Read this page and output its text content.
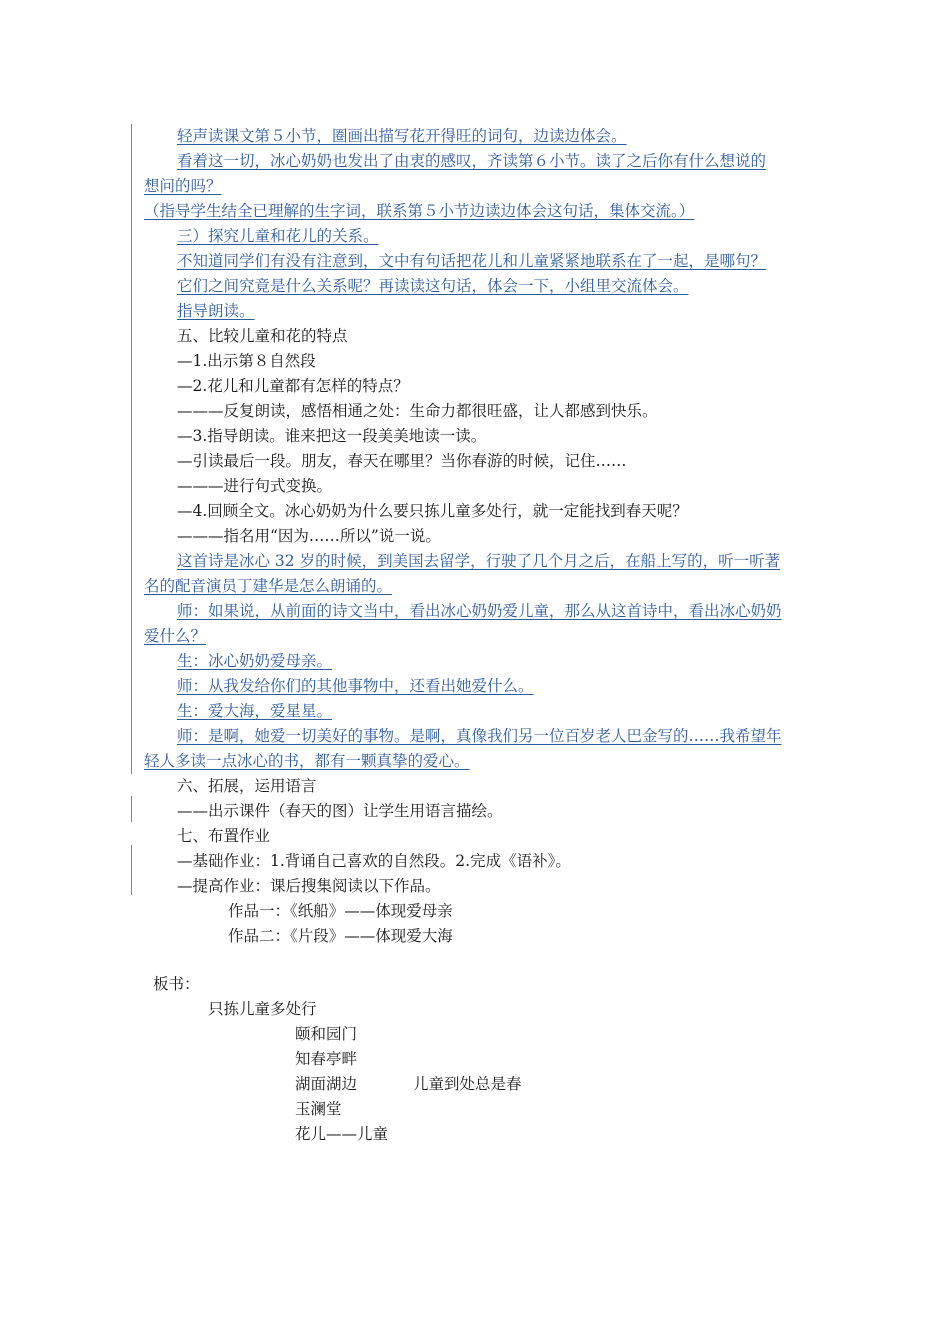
轻声读课文第５小节，圈画出描写花开得旺的词句，边读边体会。
看着这一切，冰心奶奶也发出了由衷的感叹，齐读第６小节。读了之后你有什么想说的
想问的吗？
（指导学生结全已理解的生字词，联系第５小节边读边体会这句话，集体交流。）
三）探究儿童和花儿的关系。
不知道同学们有没有注意到，文中有句话把花儿和儿童紧紧地联系在了一起，是哪句？
它们之间究竟是什么关系呢？再读读这句话，体会一下，小组里交流体会。
指导朗读。
五、比较儿童和花的特点
—1.出示第８自然段
—2.花儿和儿童都有怎样的特点？
———反复朗读，感悟相通之处：生命力都很旺盛，让人都感到快乐。
—3.指导朗读。谁来把这一段美美地读一读。
—引读最后一段。朋友，春天在哪里？当你春游的时候，记住……
———进行句式变换。
—4.回顾全文。冰心奶奶为什么要只拣儿童多处行，就一定能找到春天呢？
———指名用“因为……所以”说一说。
这首诗是冰心 32 岁的时候，到美国去留学，行驶了几个月之后，在船上写的，听一听著
名的配音演员丁建华是怎么朗诵的。
师：如果说，从前面的诗文当中，看出冰心奶奶爱儿童，那么从这首诗中，看出冰心奶奶
爱什么？
生：冰心奶奶爱母亲。
师：从我发给你们的其他事物中，还看出她爱什么。
生：爱大海，爱星星。
师：是啊，她爱一切美好的事物。是啊，真像我们另一位百岁老人巴金写的……我希望年
轻人多读一点冰心的书，都有一颗真挚的爱心。
六、拓展，运用语言
——出示课件（春天的图）让学生用语言描绘。
七、布置作业
—基础作业：1.背诵自己喜欢的自然段。2.完成《语补》。
—提高作业：课后搜集阅读以下作品。
作品一：《纸船》——体现爱母亲
作品二：《片段》——体现爱大海
板书：
只拣儿童多处行
颐和园门
知春亭畔
湖面湖边	儿童到处总是春
玉澜堂
花儿——儿童
